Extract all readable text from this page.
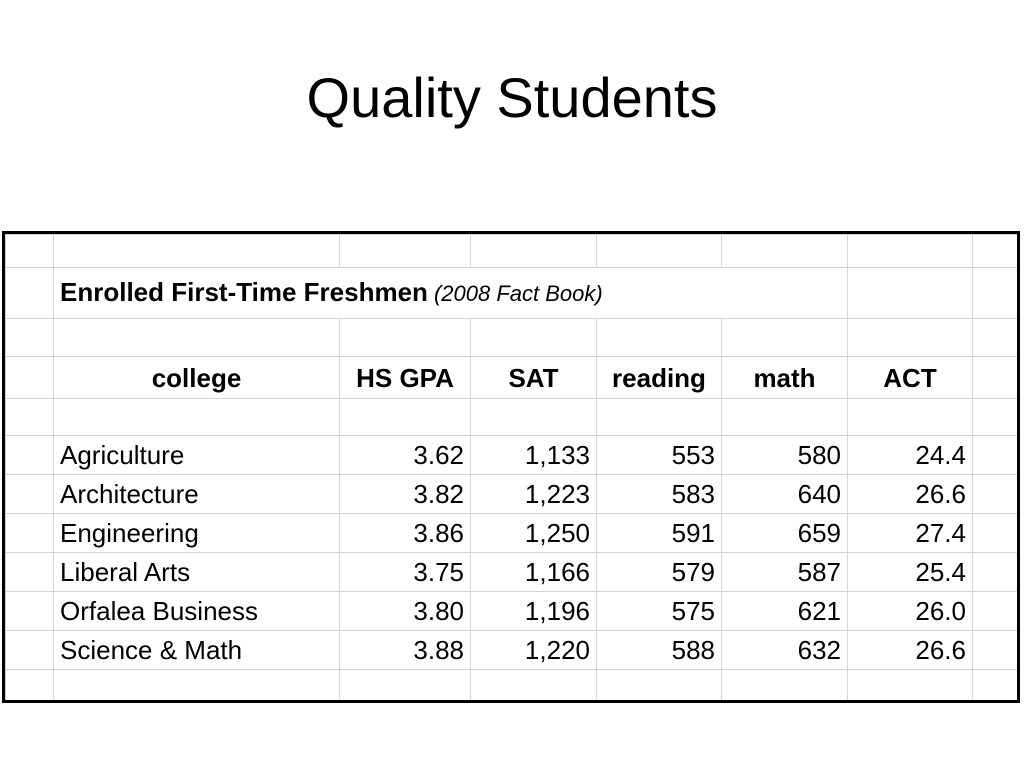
Quality Students

	Enrolled First-Time Freshmen (2008 Fact Book)						

	college	HS GPA	SAT	reading	math	ACT	

	Agriculture	3.62	1,133	553	580	24.4	
	Architecture	3.82	1,223	583	640	26.6	
	Engineering	3.86	1,250	591	659	27.4	
	Liberal Arts	3.75	1,166	579	587	25.4	
	Orfalea Business	3.80	1,196	575	621	26.0	
	Science & Math	3.88	1,220	588	632	26.6	
